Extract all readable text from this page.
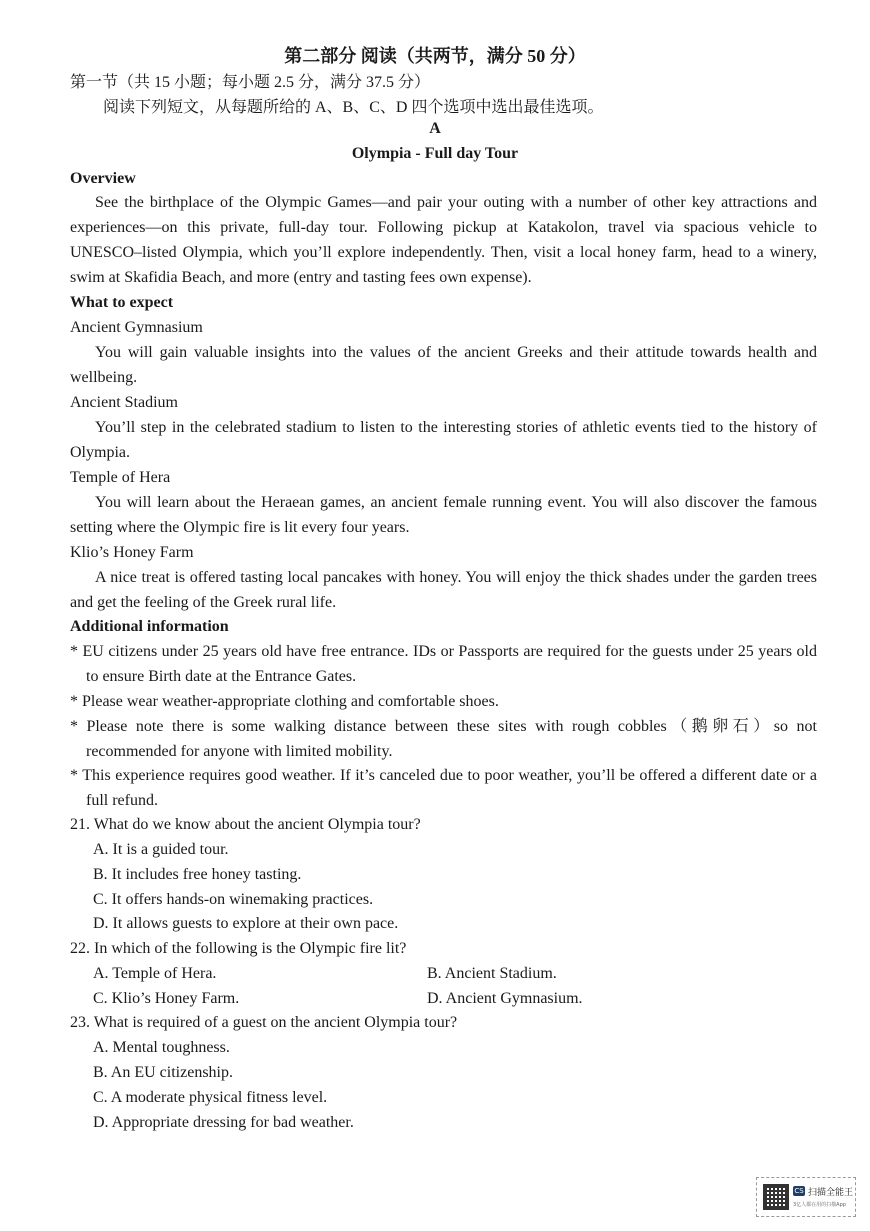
第二部分 阅读（共两节，满分 50 分）
第一节（共 15 小题；每小题 2.5 分，满分 37.5 分）
阅读下列短文，从每题所给的 A、B、C、D 四个选项中选出最佳选项。
A
Olympia - Full day Tour
Overview
See the birthplace of the Olympic Games—and pair your outing with a number of other key attractions and experiences—on this private, full-day tour. Following pickup at Katakolon, travel via spacious vehicle to UNESCO–listed Olympia, which you’ll explore independently. Then, visit a local honey farm, head to a winery, swim at Skafidia Beach, and more (entry and tasting fees own expense).
What to expect
Ancient Gymnasium
You will gain valuable insights into the values of the ancient Greeks and their attitude towards health and wellbeing.
Ancient Stadium
You’ll step in the celebrated stadium to listen to the interesting stories of athletic events tied to the history of Olympia.
Temple of Hera
You will learn about the Heraean games, an ancient female running event. You will also discover the famous setting where the Olympic fire is lit every four years.
Klio’s Honey Farm
A nice treat is offered tasting local pancakes with honey. You will enjoy the thick shades under the garden trees and get the feeling of the Greek rural life.
Additional information
* EU citizens under 25 years old have free entrance. IDs or Passports are required for the guests under 25 years old to ensure Birth date at the Entrance Gates.
* Please wear weather-appropriate clothing and comfortable shoes.
* Please note there is some walking distance between these sites with rough cobbles（鹅卵石）so not recommended for anyone with limited mobility.
* This experience requires good weather. If it’s canceled due to poor weather, you’ll be offered a different date or a full refund.
21. What do we know about the ancient Olympia tour?
A. It is a guided tour.
B. It includes free honey tasting.
C. It offers hands-on winemaking practices.
D. It allows guests to explore at their own pace.
22. In which of the following is the Olympic fire lit?
A. Temple of Hera.	B. Ancient Stadium.
C. Klio’s Honey Farm.	D. Ancient Gymnasium.
23. What is required of a guest on the ancient Olympia tour?
A. Mental toughness.
B. An EU citizenship.
C. A moderate physical fitness level.
D. Appropriate dressing for bad weather.
CS 扫描全能王
3亿人都在用的扫描App
